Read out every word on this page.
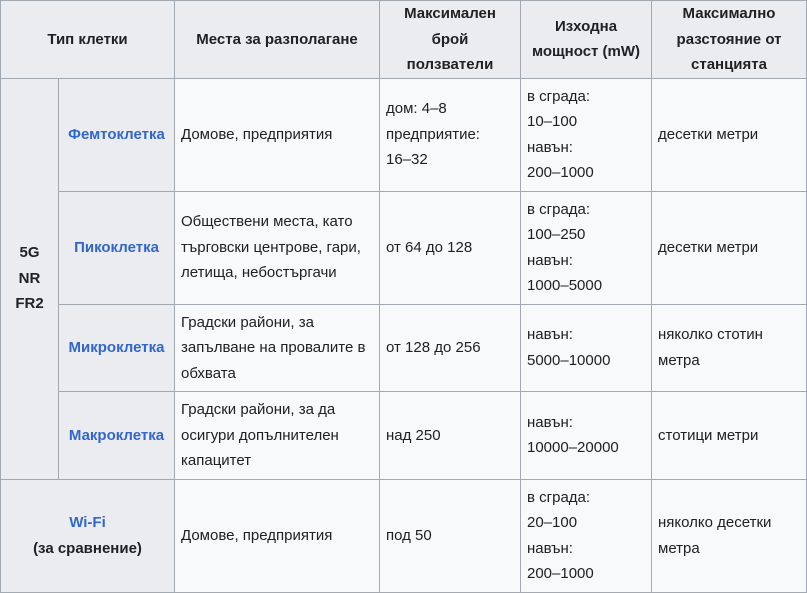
Тип клетки		Места за разполагане	Максимален
брой
ползватели	Изходна
мощност (mW)	Максимално
разстояние от
станцията

5G
NR
FR2	Фемтоклетка	Домове, предприятия	дом: 4–8
предприятие:
16–32	в сграда:
10–100
навън:
200–1000	десетки метри

	Пикоклетка	Обществени места, като
търговски центрове, гари,
летища, небостъргачи	от 64 до 128	в сграда:
100–250
навън:
1000–5000	десетки метри

	Микроклетка	Градски райони, за
запълване на провалите в
обхвата	от 128 до 256	навън:
5000–10000	няколко стотин
метра

	Макроклетка	Градски райони, за да
осигури допълнителен
капацитет	над 250	навън:
10000–20000	стотици метри

Wi-Fi
(за сравнение)		Домове, предприятия	под 50	в сграда:
20–100
навън:
200–1000	няколко десетки
метра
